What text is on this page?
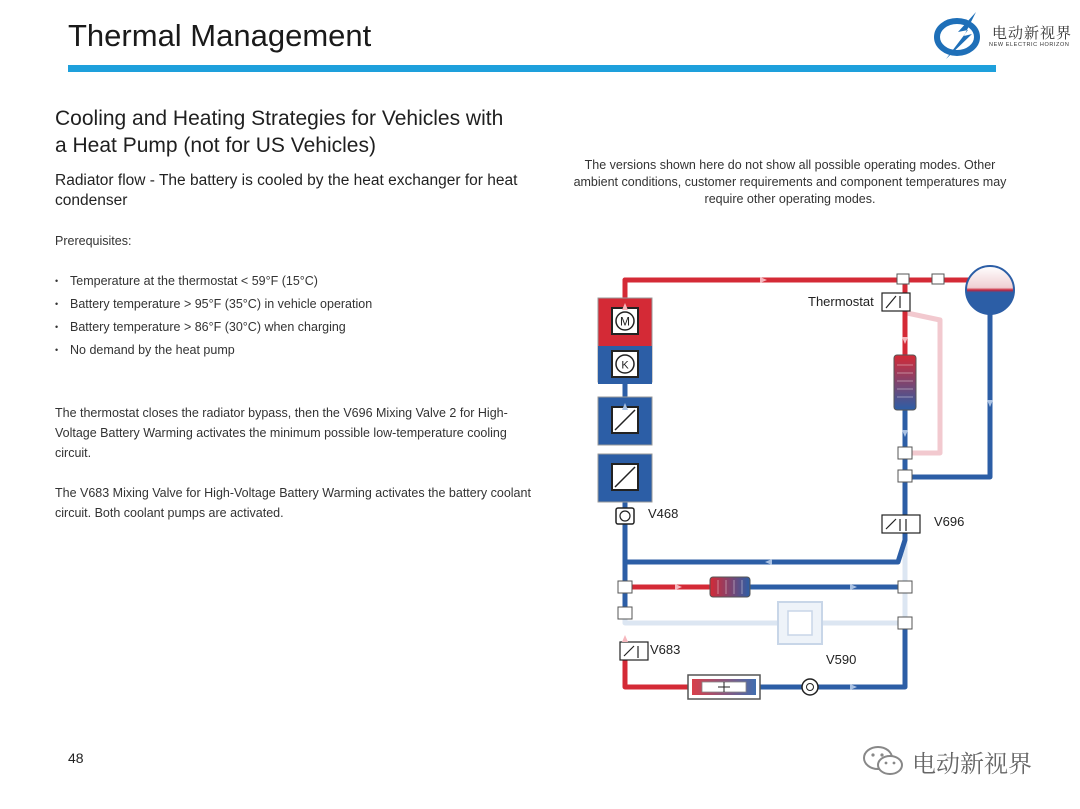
Thermal Management	电动新视界
NEW ELECTRIC HORIZON
Cooling and Heating Strategies for Vehicles with a Heat Pump (not for US Vehicles)
Radiator flow - The battery is cooled by the heat exchanger for heat condenser
Prerequisites:
• Temperature at the thermostat < 59°F (15°C)
• Battery temperature > 95°F (35°C) in vehicle operation
• Battery temperature > 86°F (30°C) when charging
• No demand by the heat pump

The thermostat closes the radiator bypass, then the V696 Mixing Valve 2 for High-Voltage Battery Warming activates the minimum possible low-temperature cooling circuit.

The V683 Mixing Valve for High-Voltage Battery Warming activates the battery coolant circuit. Both coolant pumps are activated.

The versions shown here do not show all possible operating modes. Other ambient conditions, customer requirements and component temperatures may require other operating modes.

M
K
V468
Thermostat
V696
V683
V590
48	电动新视界
